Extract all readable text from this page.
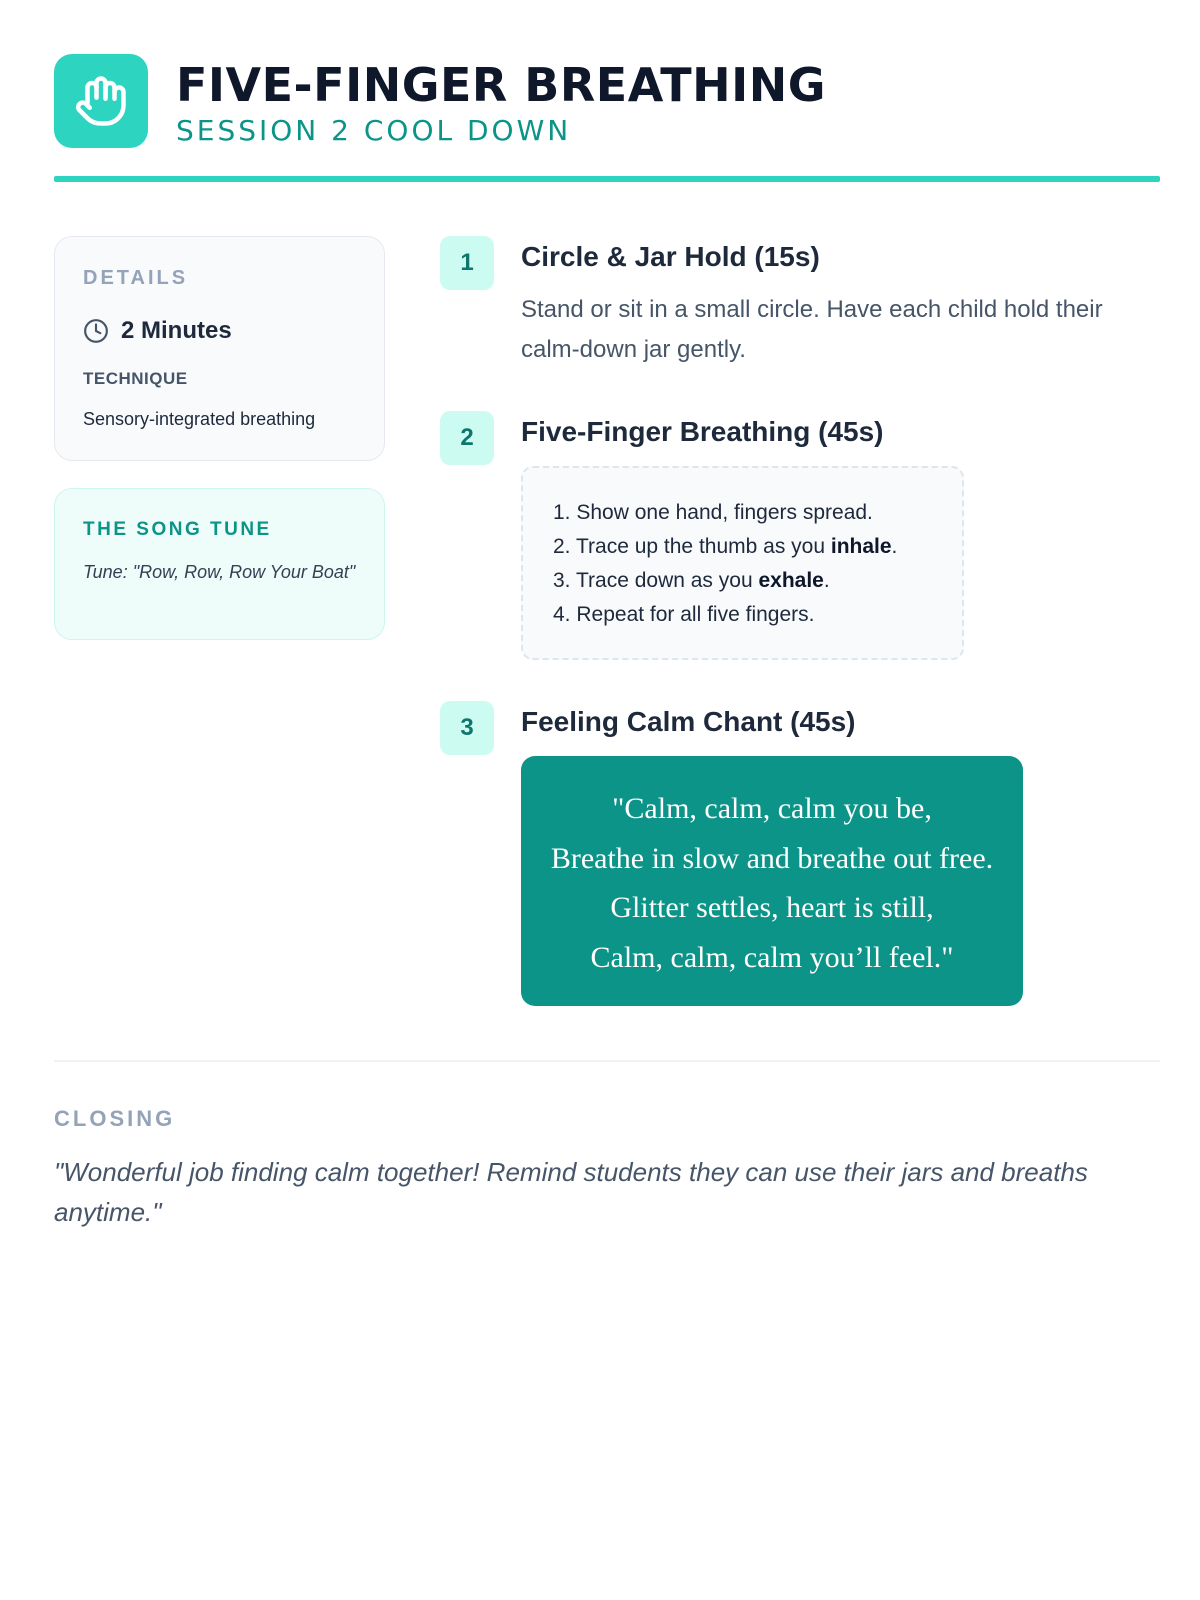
FIVE-FINGER BREATHING
SESSION 2 COOL DOWN
DETAILS
2 Minutes
TECHNIQUE
Sensory-integrated breathing
THE SONG TUNE
Tune: "Row, Row, Row Your Boat"
1	Circle & Jar Hold (15s)
Stand or sit in a small circle. Have each child hold their calm-down jar gently.
2	Five-Finger Breathing (45s)
1. Show one hand, fingers spread.
2. Trace up the thumb as you inhale.
3. Trace down as you exhale.
4. Repeat for all five fingers.
3	Feeling Calm Chant (45s)
"Calm, calm, calm you be,
Breathe in slow and breathe out free.
Glitter settles, heart is still,
Calm, calm, calm you’ll feel."
CLOSING
"Wonderful job finding calm together! Remind students they can use their jars and breaths anytime."
